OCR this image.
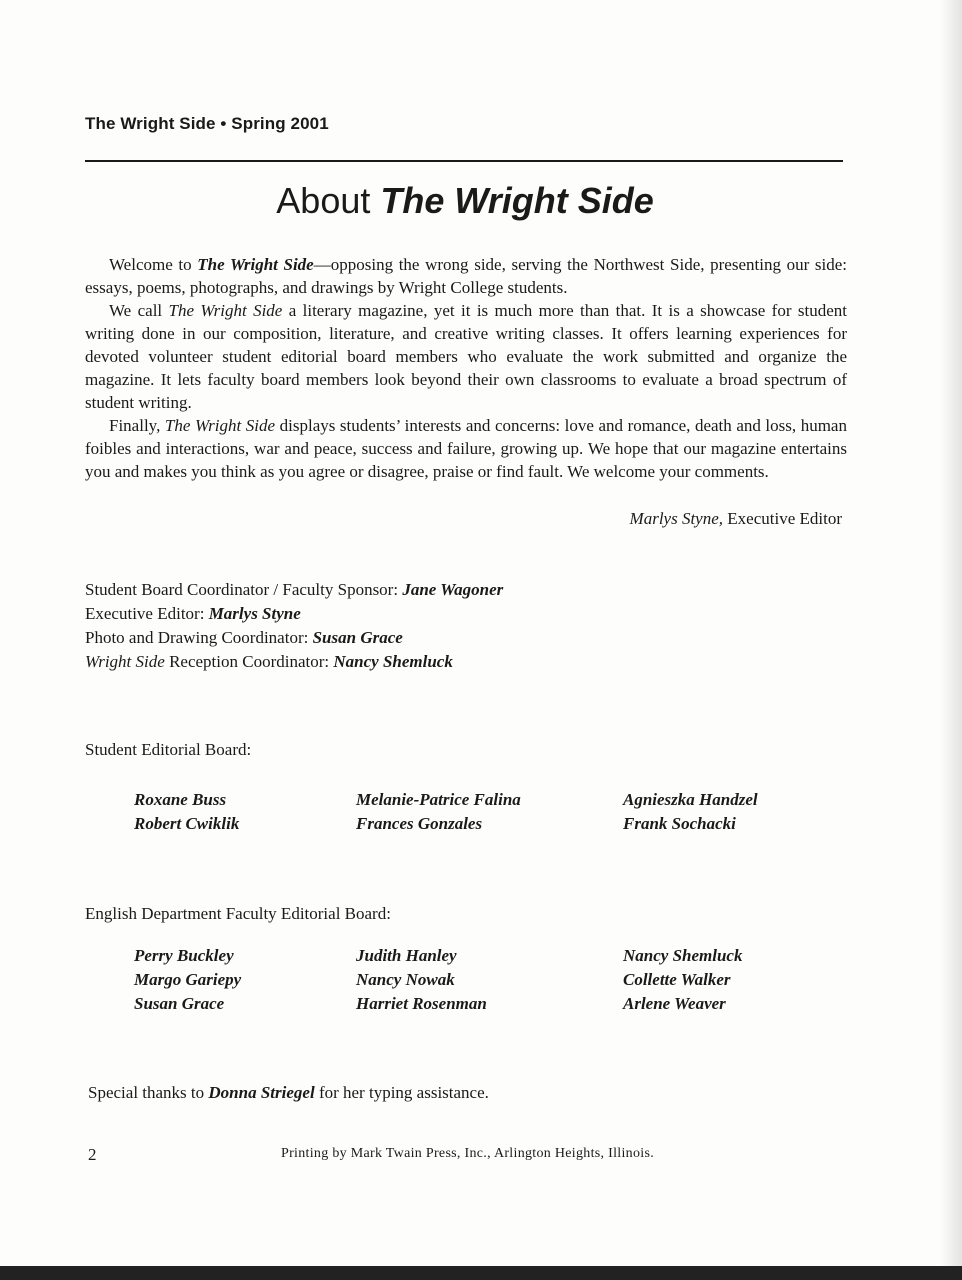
The Wright Side • Spring 2001
About The Wright Side

Welcome to The Wright Side—opposing the wrong side, serving the Northwest Side, presenting our side: essays, poems, photographs, and drawings by Wright College students.

We call The Wright Side a literary magazine, yet it is much more than that. It is a showcase for student writing done in our composition, literature, and creative writing classes. It offers learning experiences for devoted volunteer student editorial board members who evaluate the work submitted and organize the magazine. It lets faculty board members look beyond their own classrooms to evaluate a broad spectrum of student writing.

Finally, The Wright Side displays students’ interests and concerns: love and romance, death and loss, human foibles and interactions, war and peace, success and failure, growing up. We hope that our magazine entertains you and makes you think as you agree or disagree, praise or find fault. We welcome your comments.

Marlys Styne, Executive Editor
Student Board Coordinator / Faculty Sponsor: Jane Wagoner
Executive Editor: Marlys Styne
Photo and Drawing Coordinator: Susan Grace
Wright Side Reception Coordinator: Nancy Shemluck
Student Editorial Board:
Roxane Buss
Robert Cwiklik
Melanie-Patrice Falina
Frances Gonzales
Agnieszka Handzel
Frank Sochacki
English Department Faculty Editorial Board:
Perry Buckley
Margo Gariepy
Susan Grace
Judith Hanley
Nancy Nowak
Harriet Rosenman
Nancy Shemluck
Collette Walker
Arlene Weaver
Special thanks to Donna Striegel for her typing assistance.
2	Printing by Mark Twain Press, Inc., Arlington Heights, Illinois.
